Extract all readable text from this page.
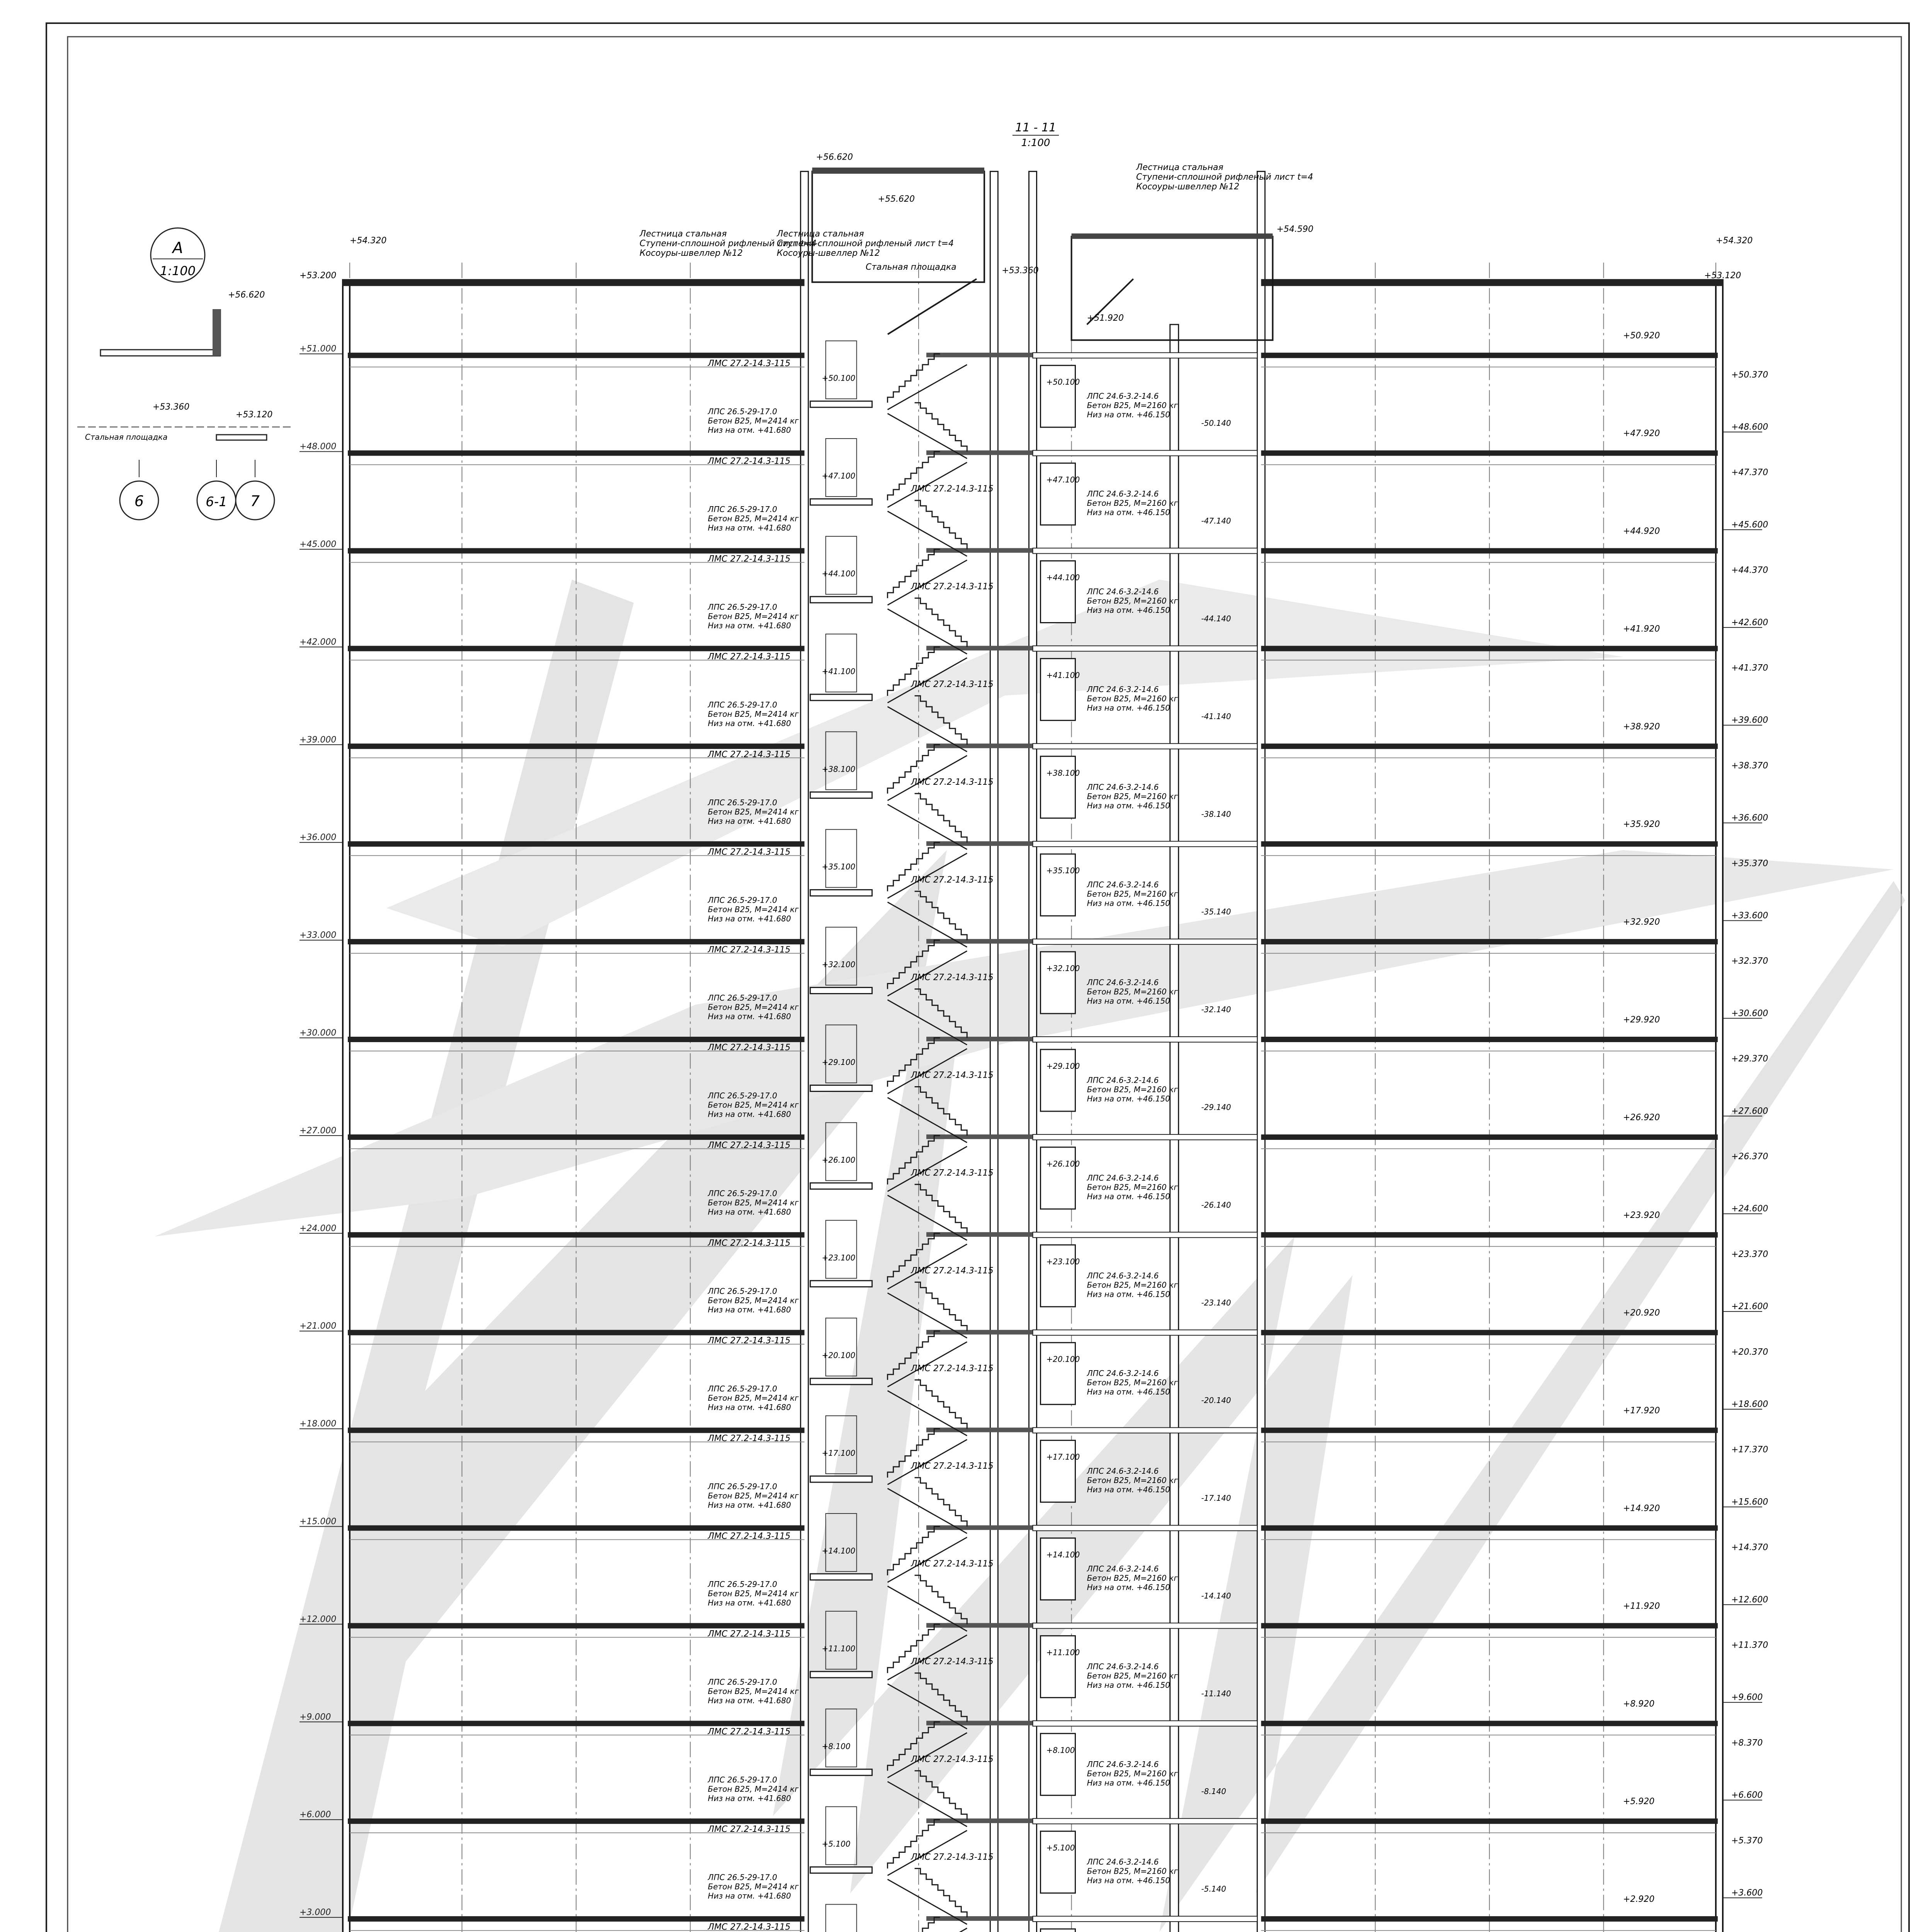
+3.000
+6.000
+9.000
+12.000
+15.000
+18.000
+21.000
+24.000
+27.000
+30.000
+33.000
+36.000
+39.000
+42.000
+45.000
+48.000
+51.000
+53.200	+53.120
+54.320	+54.320
+56.620
+55.620
+54.590
+53.360
+51.920
ЛМС 27.2-14.3-115
ЛМС 27.2-14.3-115
ЛПС 26.5-29-17.0
Бетон В25, М=2414 кг
Низ на отм. +41.680
ЛПС 24.6-3.2-14.6
Бетон В25, М=2160 кг
Низ на отм. +46.150
+5.100	+5.100
-5.140
ЛМС 27.2-14.3-115
ЛМС 27.2-14.3-115
ЛПС 26.5-29-17.0
Бетон В25, М=2414 кг
Низ на отм. +41.680
ЛПС 24.6-3.2-14.6
Бетон В25, М=2160 кг
Низ на отм. +46.150
+8.100	+8.100
-8.140
ЛМС 27.2-14.3-115
ЛМС 27.2-14.3-115
ЛПС 26.5-29-17.0
Бетон В25, М=2414 кг
Низ на отм. +41.680
ЛПС 24.6-3.2-14.6
Бетон В25, М=2160 кг
Низ на отм. +46.150
+11.100	+11.100
-11.140
ЛМС 27.2-14.3-115
ЛМС 27.2-14.3-115
ЛПС 26.5-29-17.0
Бетон В25, М=2414 кг
Низ на отм. +41.680
ЛПС 24.6-3.2-14.6
Бетон В25, М=2160 кг
Низ на отм. +46.150
+14.100	+14.100
-14.140
ЛМС 27.2-14.3-115
ЛМС 27.2-14.3-115
ЛПС 26.5-29-17.0
Бетон В25, М=2414 кг
Низ на отм. +41.680
ЛПС 24.6-3.2-14.6
Бетон В25, М=2160 кг
Низ на отм. +46.150
+17.100	+17.100
-17.140
ЛМС 27.2-14.3-115
ЛМС 27.2-14.3-115
ЛПС 26.5-29-17.0
Бетон В25, М=2414 кг
Низ на отм. +41.680
ЛПС 24.6-3.2-14.6
Бетон В25, М=2160 кг
Низ на отм. +46.150
+20.100	+20.100
-20.140
ЛМС 27.2-14.3-115
ЛМС 27.2-14.3-115
ЛПС 26.5-29-17.0
Бетон В25, М=2414 кг
Низ на отм. +41.680
ЛПС 24.6-3.2-14.6
Бетон В25, М=2160 кг
Низ на отм. +46.150
+23.100	+23.100
-23.140
ЛМС 27.2-14.3-115
ЛМС 27.2-14.3-115
ЛПС 26.5-29-17.0
Бетон В25, М=2414 кг
Низ на отм. +41.680
ЛПС 24.6-3.2-14.6
Бетон В25, М=2160 кг
Низ на отм. +46.150
+26.100	+26.100
-26.140
ЛМС 27.2-14.3-115
ЛМС 27.2-14.3-115
ЛПС 26.5-29-17.0
Бетон В25, М=2414 кг
Низ на отм. +41.680
ЛПС 24.6-3.2-14.6
Бетон В25, М=2160 кг
Низ на отм. +46.150
+29.100	+29.100
-29.140
ЛМС 27.2-14.3-115
ЛМС 27.2-14.3-115
ЛПС 26.5-29-17.0
Бетон В25, М=2414 кг
Низ на отм. +41.680
ЛПС 24.6-3.2-14.6
Бетон В25, М=2160 кг
Низ на отм. +46.150
+32.100	+32.100
-32.140
ЛМС 27.2-14.3-115
ЛМС 27.2-14.3-115
ЛПС 26.5-29-17.0
Бетон В25, М=2414 кг
Низ на отм. +41.680
ЛПС 24.6-3.2-14.6
Бетон В25, М=2160 кг
Низ на отм. +46.150
+35.100	+35.100
-35.140
ЛМС 27.2-14.3-115
ЛМС 27.2-14.3-115
ЛПС 26.5-29-17.0
Бетон В25, М=2414 кг
Низ на отм. +41.680
ЛПС 24.6-3.2-14.6
Бетон В25, М=2160 кг
Низ на отм. +46.150
+38.100	+38.100
-38.140
ЛМС 27.2-14.3-115
ЛМС 27.2-14.3-115
ЛПС 26.5-29-17.0
Бетон В25, М=2414 кг
Низ на отм. +41.680
ЛПС 24.6-3.2-14.6
Бетон В25, М=2160 кг
Низ на отм. +46.150
+41.100	+41.100
-41.140
ЛМС 27.2-14.3-115
ЛМС 27.2-14.3-115
ЛПС 26.5-29-17.0
Бетон В25, М=2414 кг
Низ на отм. +41.680
ЛПС 24.6-3.2-14.6
Бетон В25, М=2160 кг
Низ на отм. +46.150
+44.100	+44.100
-44.140
ЛМС 27.2-14.3-115
ЛМС 27.2-14.3-115
ЛПС 26.5-29-17.0
Бетон В25, М=2414 кг
Низ на отм. +41.680
ЛПС 24.6-3.2-14.6
Бетон В25, М=2160 кг
Низ на отм. +46.150
+47.100	+47.100
-47.140
ЛМС 27.2-14.3-115
ЛМС 27.2-14.3-115
ЛПС 26.5-29-17.0
Бетон В25, М=2414 кг
Низ на отм. +41.680
ЛПС 24.6-3.2-14.6
Бетон В25, М=2160 кг
Низ на отм. +46.150
+50.100	+50.100
-50.140
+3.600
+6.600
+9.600
+12.600
+15.600
+18.600
+21.600
+24.600
+27.600
+30.600
+33.600
+36.600
+39.600
+42.600
+45.600
+48.600
+5.370
+8.370
+11.370
+14.370
+17.370
+20.370
+23.370
+26.370
+29.370
+32.370
+35.370
+38.370
+41.370
+44.370
+47.370
+50.370
+2.920
+5.920
+8.920
+11.920
+14.920
+17.920
+20.920
+23.920
+26.920
+29.920
+32.920
+35.920
+38.920
+41.920
+44.920
+47.920
+50.920
11 - 11
1:100
А
1:100
+56.620
+53.120
+53.360
Стальная площадка
6	6-1 7
Лестница стальная
Ступени-сплошной рифленый лист t=4
Косоуры-швеллер №12
Лестница стальная
Ступени-сплошной рифленый лист t=4
Косоуры-швеллер №12
Лестница стальная
Ступени-сплошной рифленый лист t=4
Косоуры-швеллер №12
Стальная площадка
